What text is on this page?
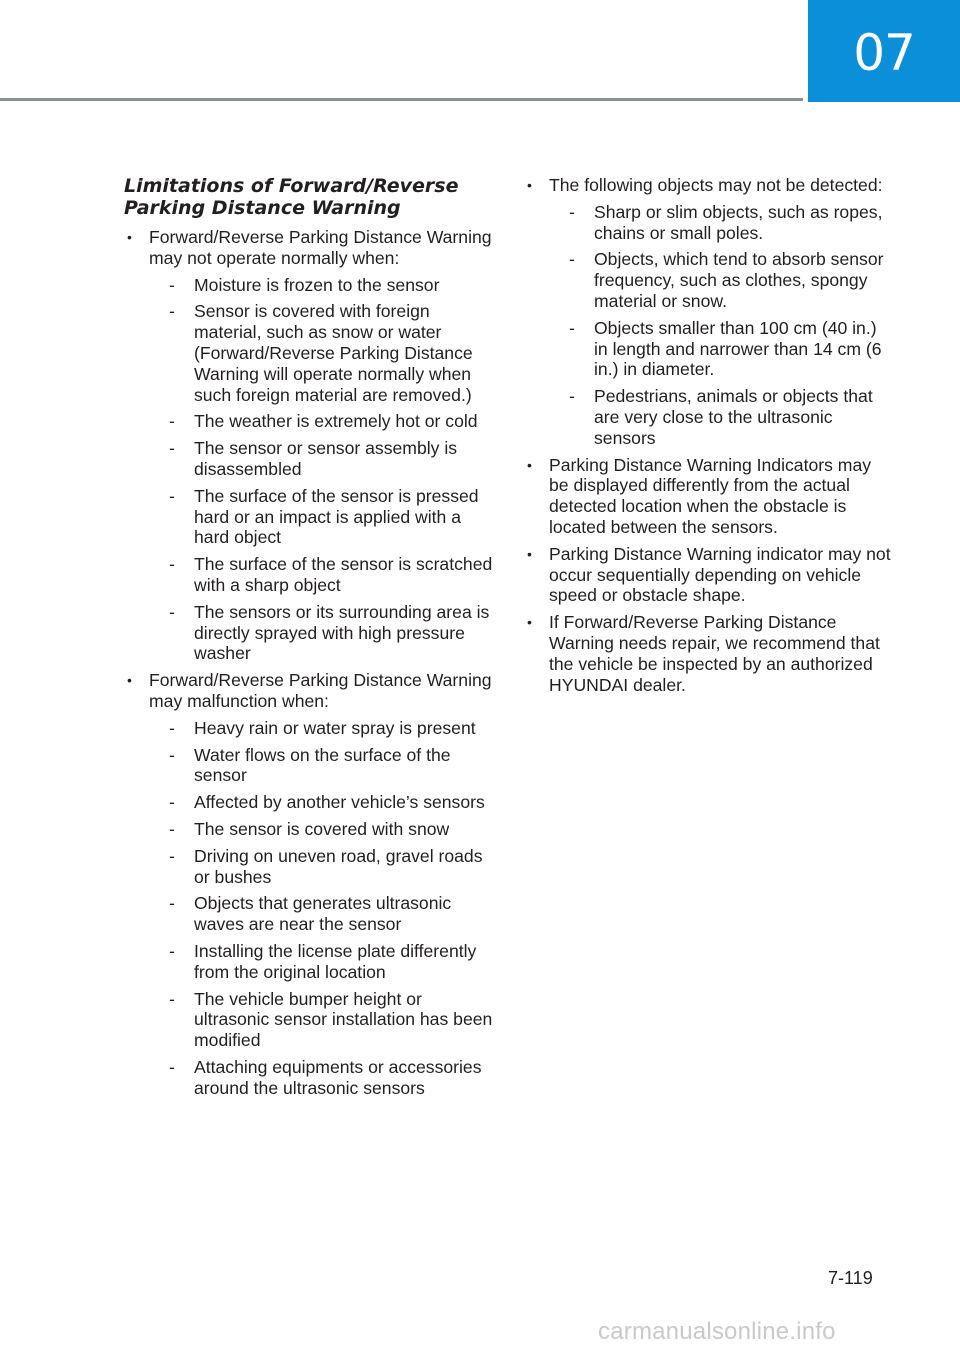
07
Limitations of Forward/Reverse
Parking Distance Warning
• Forward/Reverse Parking Distance Warning may not operate normally when:
- Moisture is frozen to the sensor
- Sensor is covered with foreign material, such as snow or water (Forward/Reverse Parking Distance Warning will operate normally when such foreign material are removed.)
- The weather is extremely hot or cold
- The sensor or sensor assembly is disassembled
- The surface of the sensor is pressed hard or an impact is applied with a hard object
- The surface of the sensor is scratched with a sharp object
- The sensors or its surrounding area is directly sprayed with high pressure washer
• Forward/Reverse Parking Distance Warning may malfunction when:
- Heavy rain or water spray is present
- Water flows on the surface of the sensor
- Affected by another vehicle’s sensors
- The sensor is covered with snow
- Driving on uneven road, gravel roads or bushes
- Objects that generates ultrasonic waves are near the sensor
- Installing the license plate differently from the original location
- The vehicle bumper height or ultrasonic sensor installation has been modified
- Attaching equipments or accessories around the ultrasonic sensors
• The following objects may not be detected:
- Sharp or slim objects, such as ropes, chains or small poles.
- Objects, which tend to absorb sensor frequency, such as clothes, spongy material or snow.
- Objects smaller than 100 cm (40 in.) in length and narrower than 14 cm (6 in.) in diameter.
- Pedestrians, animals or objects that are very close to the ultrasonic sensors
• Parking Distance Warning Indicators may be displayed differently from the actual detected location when the obstacle is located between the sensors.
• Parking Distance Warning indicator may not occur sequentially depending on vehicle speed or obstacle shape.
• If Forward/Reverse Parking Distance Warning needs repair, we recommend that the vehicle be inspected by an authorized HYUNDAI dealer.
7-119
carmanualsonline.info
